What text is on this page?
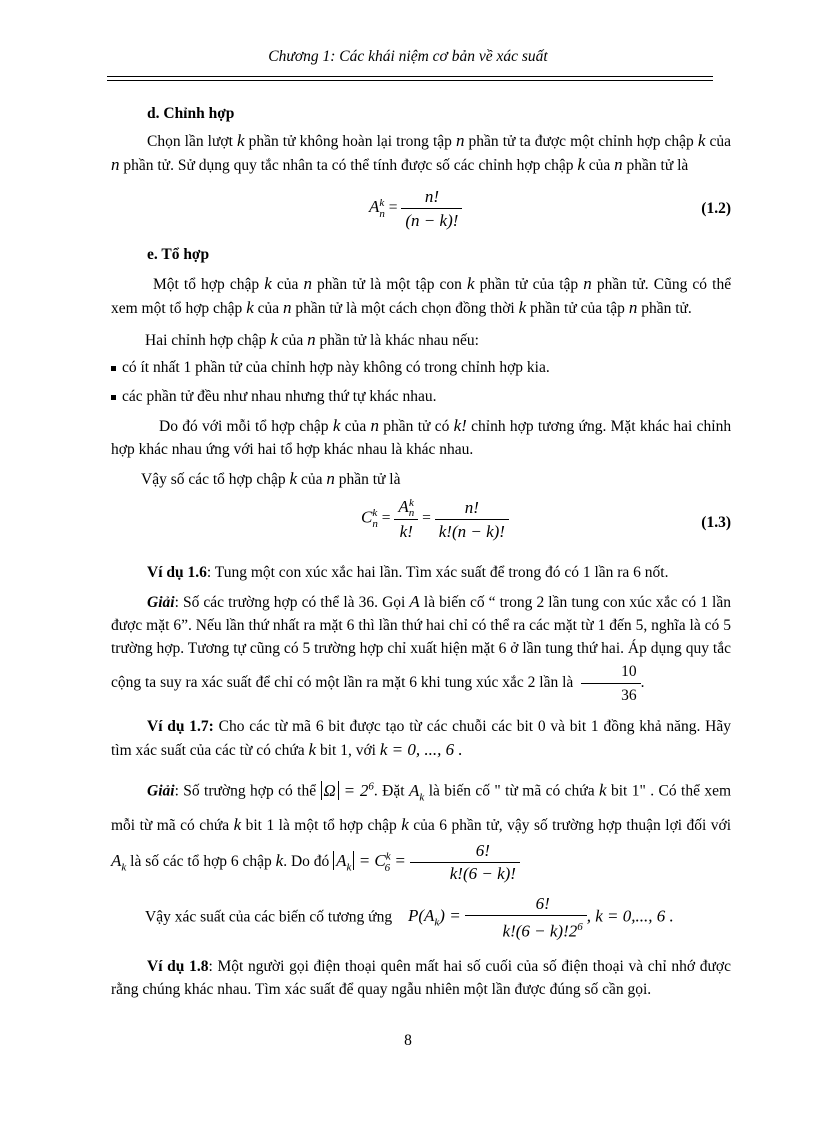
Chương 1: Các khái niệm cơ bản về xác suất

d. Chỉnh hợp

Chọn lần lượt k phần tử không hoàn lại trong tập n phần tử ta được một chỉnh hợp chập k của n phần tử. Sử dụng quy tắc nhân ta có thể tính được số các chỉnh hợp chập k của n phần tử là

A k
$n = \frac{n!}{(n - k)!}$	(1.2)

e. Tổ hợp

Một tổ hợp chập k của n phần tử là một tập con k phần tử của tập n phần tử. Cũng có thể xem một tổ hợp chập k của n phần tử là một cách chọn đồng thời k phần tử của tập n phần tử.

Hai chỉnh hợp chập k của n phần tử là khác nhau nếu:

có ít nhất 1 phần tử của chỉnh hợp này không có trong chỉnh hợp kia.

các phần tử đều như nhau nhưng thứ tự khác nhau.

Do đó với mỗi tổ hợp chập k của n phần tử có k! chỉnh hợp tương ứng. Mặt khác hai chỉnh hợp khác nhau ứng với hai tổ hợp khác nhau là khác nhau.

Vậy số các tổ hợp chập k của n phần tử là

C k
n = A k
n
k! = $\frac{n!}{k!(n - k)!}$	(1.3)

Ví dụ 1.6: Tung một con xúc xắc hai lần. Tìm xác suất để trong đó có 1 lần ra 6 nốt.

Giải: Số các trường hợp có thể là 36. Gọi A là biến cố “ trong 2 lần tung con xúc xắc có 1 lần được mặt 6”. Nếu lần thứ nhất ra mặt 6 thì lần thứ hai chỉ có thể ra các mặt từ 1 đến 5, nghĩa là có 5 trường hợp. Tương tự cũng có 5 trường hợp chỉ xuất hiện mặt 6 ở lần tung thứ hai. Áp dụng quy tắc cộng ta suy ra xác suất để chỉ có một lần ra mặt 6 khi tung xúc xắc 2 lần là $\frac{10}{36}$ .

Ví dụ 1.7: Cho các từ mã 6 bit được tạo từ các chuỗi các bit 0 và bit 1 đồng khả năng. Hãy tìm xác suất của các từ có chứa k bit 1, với k = 0, ..., 6 .

Giải: Số trường hợp có thể $\Omega = 2^6$. Đặt $A_k$ là biến cố " từ mã có chứa k bit 1" . Có thể xem mỗi từ mã có chứa k bit 1 là một tổ hợp chập k của 6 phần tử, vậy số trường hợp thuận lợi đối với $A_k$ là số các tổ hợp 6 chập k. Do đó $A_k = C^k_6 = \frac{6!}{k!(6 - k)!}$

Vậy xác suất của các biến cố tương ứng $P(A_k) = \frac{6!}{k!(6 - k)!2^6}$ , k = 0,..., 6 .

Ví dụ 1.8: Một người gọi điện thoại quên mất hai số cuối của số điện thoại và chỉ nhớ được rằng chúng khác nhau. Tìm xác suất để quay ngẫu nhiên một lần được đúng số cần gọi.

8
